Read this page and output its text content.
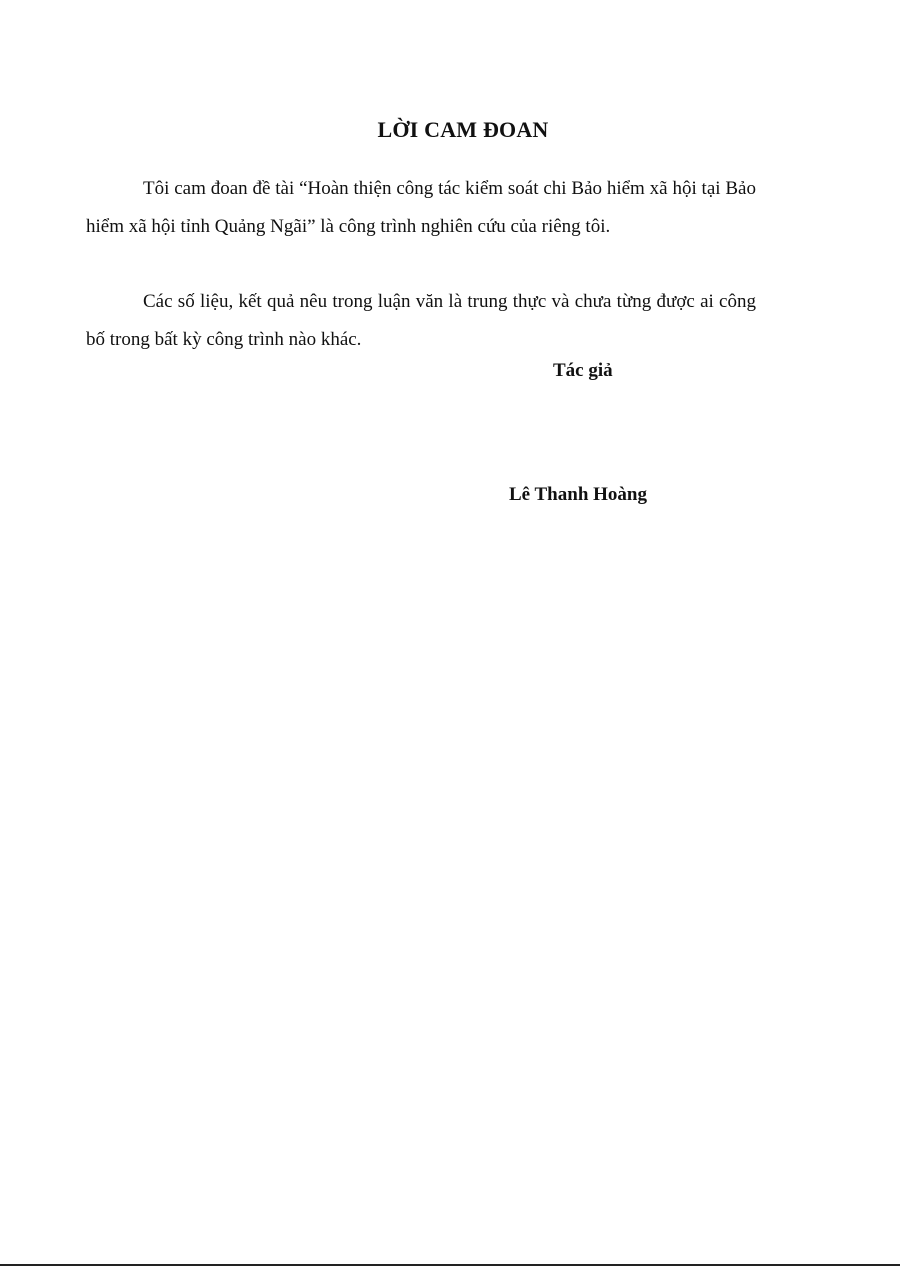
LỜI CAM ĐOAN

Tôi cam đoan đề tài “Hoàn thiện công tác kiểm soát chi Bảo hiểm xã hội tại Bảo hiểm xã hội tỉnh Quảng Ngãi” là công trình nghiên cứu của riêng tôi.

Các số liệu, kết quả nêu trong luận văn là trung thực và chưa từng được ai công bố trong bất kỳ công trình nào khác.

Tác giả

Lê Thanh Hoàng
